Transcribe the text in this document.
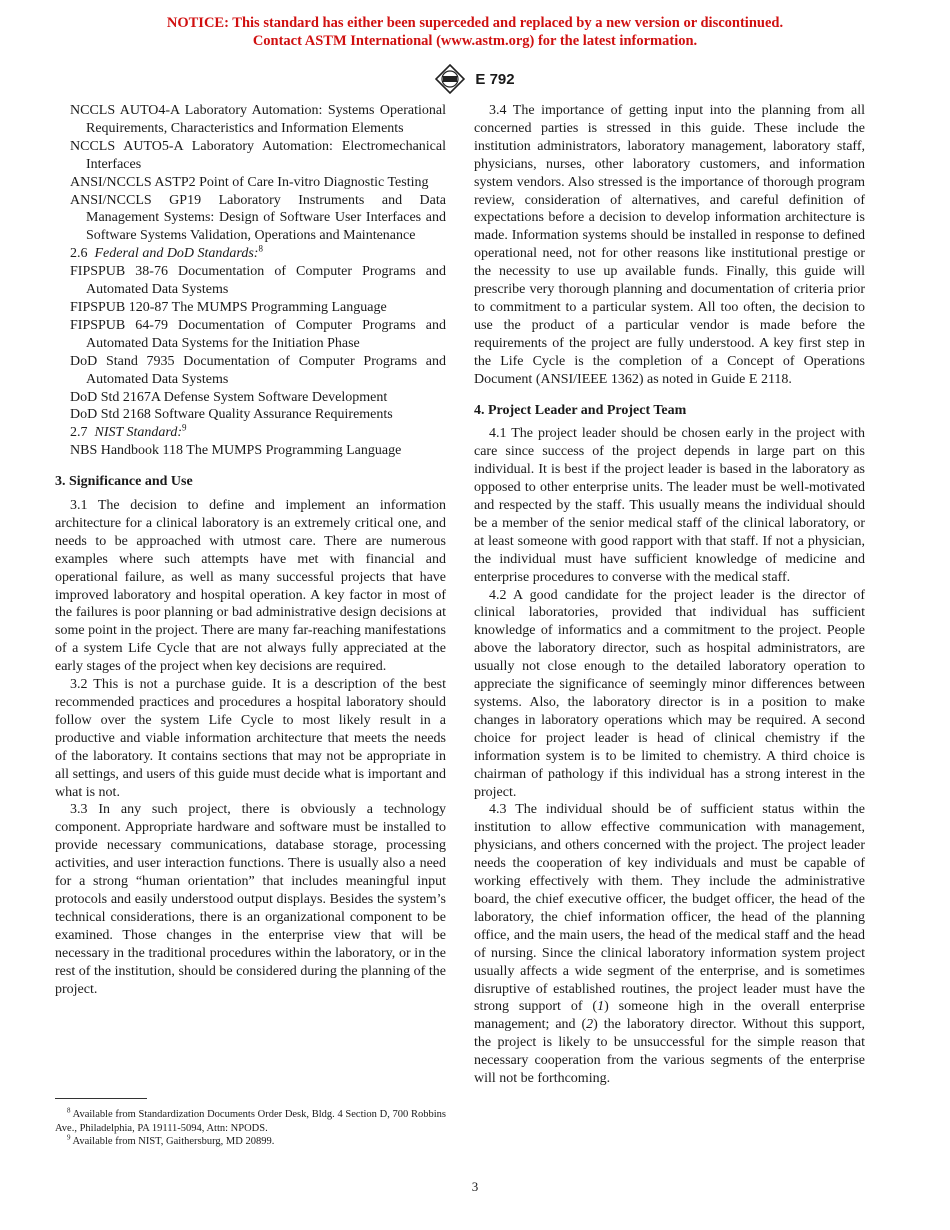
NOTICE: This standard has either been superceded and replaced by a new version or discontinued.
Contact ASTM International (www.astm.org) for the latest information.
E 792

NCCLS AUTO4-A Laboratory Automation: Systems Operational Requirements, Characteristics and Information Elements

NCCLS AUTO5-A Laboratory Automation: Electromechanical Interfaces

ANSI/NCCLS ASTP2 Point of Care In-vitro Diagnostic Testing

ANSI/NCCLS GP19 Laboratory Instruments and Data Management Systems: Design of Software User Interfaces and Software Systems Validation, Operations and Maintenance

2.6 Federal and DoD Standards:$^8$

FIPSPUB 38-76 Documentation of Computer Programs and Automated Data Systems

FIPSPUB 120-87 The MUMPS Programming Language

FIPSPUB 64-79 Documentation of Computer Programs and Automated Data Systems for the Initiation Phase

DoD Stand 7935 Documentation of Computer Programs and Automated Data Systems

DoD Std 2167A Defense System Software Development

DoD Std 2168 Software Quality Assurance Requirements

2.7 NIST Standard:$^9$

NBS Handbook 118 The MUMPS Programming Language

3. Significance and Use

3.1 The decision to define and implement an information architecture for a clinical laboratory is an extremely critical one, and needs to be approached with utmost care. There are numerous examples where such attempts have met with financial and operational failure, as well as many successful projects that have improved laboratory and hospital operation. A key factor in most of the failures is poor planning or bad administrative design decisions at some point in the project. There are many far-reaching manifestations of a system Life Cycle that are not always fully appreciated at the early stages of the project when key decisions are required.

3.2 This is not a purchase guide. It is a description of the best recommended practices and procedures a hospital laboratory should follow over the system Life Cycle to most likely result in a productive and viable information architecture that meets the needs of the laboratory. It contains sections that may not be appropriate in all settings, and users of this guide must decide what is important and what is not.

3.3 In any such project, there is obviously a technology component. Appropriate hardware and software must be installed to provide necessary communications, database storage, processing activities, and user interaction functions. There is usually also a need for a strong “human orientation” that includes meaningful input protocols and easily understood output displays. Besides the system’s technical considerations, there is an organizational component to be examined. Those changes in the enterprise view that will be necessary in the traditional procedures within the laboratory, or in the rest of the institution, should be considered during the planning of the project.

$^8$ Available from Standardization Documents Order Desk, Bldg. 4 Section D, 700 Robbins Ave., Philadelphia, PA 19111-5094, Attn: NPODS.

$^9$ Available from NIST, Gaithersburg, MD 20899.

3.4 The importance of getting input into the planning from all concerned parties is stressed in this guide. These include the institution administrators, laboratory management, laboratory staff, physicians, nurses, other laboratory customers, and information system vendors. Also stressed is the importance of thorough program review, consideration of alternatives, and careful definition of expectations before a decision to develop information architecture is made. Information systems should be installed in response to defined operational need, not for other reasons like institutional prestige or the necessity to use up available funds. Finally, this guide will prescribe very thorough planning and documentation of criteria prior to commitment to a particular system. All too often, the decision to use the product of a particular vendor is made before the requirements of the project are fully understood. A key first step in the Life Cycle is the completion of a Concept of Operations Document (ANSI/IEEE 1362) as noted in Guide E 2118.

4. Project Leader and Project Team

4.1 The project leader should be chosen early in the project with care since success of the project depends in large part on this individual. It is best if the project leader is based in the laboratory as opposed to other enterprise units. The leader must be well-motivated and respected by the staff. This usually means the individual should be a member of the senior medical staff of the clinical laboratory, or at least someone with good rapport with that staff. If not a physician, the individual must have sufficient knowledge of medicine and enterprise procedures to converse with the medical staff.

4.2 A good candidate for the project leader is the director of clinical laboratories, provided that individual has sufficient knowledge of informatics and a commitment to the project. People above the laboratory director, such as hospital administrators, are usually not close enough to the detailed laboratory operation to appreciate the significance of seemingly minor differences between systems. Also, the laboratory director is in a position to make changes in laboratory operations which may be required. A second choice for project leader is head of clinical chemistry if the information system is to be limited to chemistry. A third choice is chairman of pathology if this individual has a strong interest in the project.

4.3 The individual should be of sufficient status within the institution to allow effective communication with management, physicians, and others concerned with the project. The project leader needs the cooperation of key individuals and must be capable of working effectively with them. They include the administrative board, the chief executive officer, the budget officer, the head of the laboratory, the chief information officer, the head of the planning office, and the main users, the head of the medical staff and the head of nursing. Since the clinical laboratory information system project usually affects a wide segment of the enterprise, and is sometimes disruptive of established routines, the project leader must have the strong support of (1) someone high in the overall enterprise management; and (2) the laboratory director. Without this support, the project is likely to be unsuccessful for the simple reason that necessary cooperation from the various segments of the enterprise will not be forthcoming.

3
